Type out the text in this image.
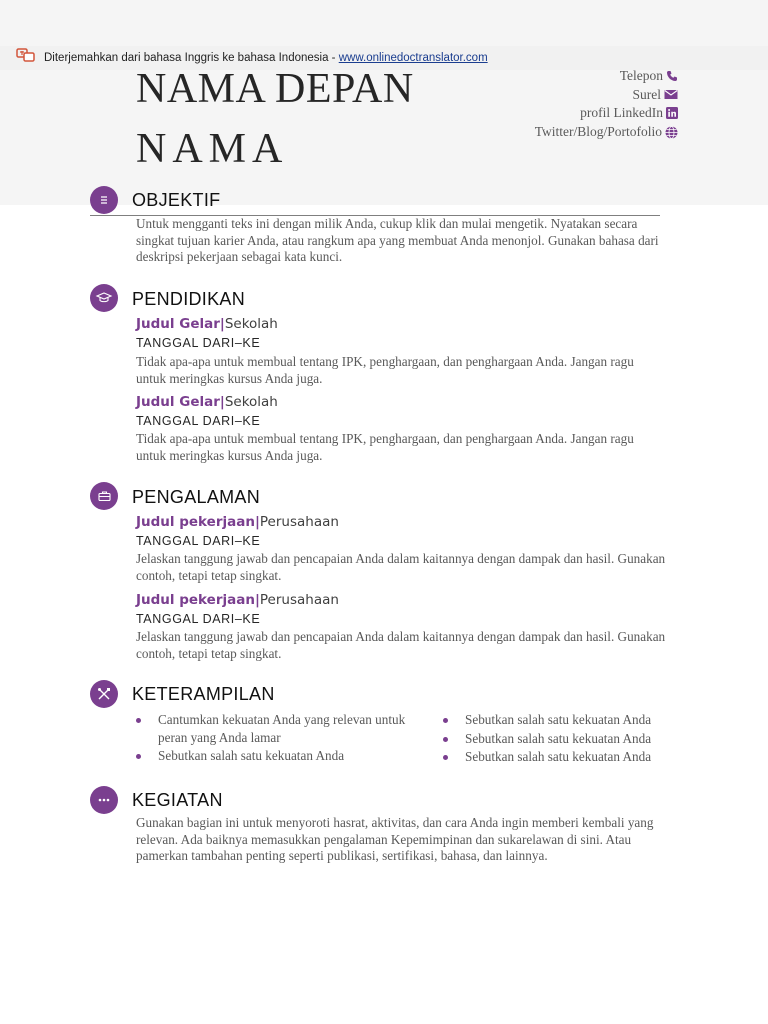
Diterjemahkan dari bahasa Inggris ke bahasa Indonesia - www.onlinedoctranslator.com
NAMA DEPAN
NAMA
Telepon
Surel
profil LinkedIn
Twitter/Blog/Portofolio
OBJEKTIF
Untuk mengganti teks ini dengan milik Anda, cukup klik dan mulai mengetik. Nyatakan secara singkat tujuan karier Anda, atau rangkum apa yang membuat Anda menonjol. Gunakan bahasa dari deskripsi pekerjaan sebagai kata kunci.
PENDIDIKAN
Judul Gelar|Sekolah
TANGGAL DARI–KE
Tidak apa-apa untuk membual tentang IPK, penghargaan, dan penghargaan Anda. Jangan ragu untuk meringkas kursus Anda juga.
Judul Gelar|Sekolah
TANGGAL DARI–KE
Tidak apa-apa untuk membual tentang IPK, penghargaan, dan penghargaan Anda. Jangan ragu untuk meringkas kursus Anda juga.
PENGALAMAN
Judul pekerjaan|Perusahaan
TANGGAL DARI–KE
Jelaskan tanggung jawab dan pencapaian Anda dalam kaitannya dengan dampak dan hasil. Gunakan contoh, tetapi tetap singkat.
Judul pekerjaan|Perusahaan
TANGGAL DARI–KE
Jelaskan tanggung jawab dan pencapaian Anda dalam kaitannya dengan dampak dan hasil. Gunakan contoh, tetapi tetap singkat.
KETERAMPILAN
Cantumkan kekuatan Anda yang relevan untuk peran yang Anda lamar
Sebutkan salah satu kekuatan Anda
Sebutkan salah satu kekuatan Anda
Sebutkan salah satu kekuatan Anda
Sebutkan salah satu kekuatan Anda
KEGIATAN
Gunakan bagian ini untuk menyoroti hasrat, aktivitas, dan cara Anda ingin memberi kembali yang relevan. Ada baiknya memasukkan pengalaman Kepemimpinan dan sukarelawan di sini. Atau pamerkan tambahan penting seperti publikasi, sertifikasi, bahasa, dan lainnya.
